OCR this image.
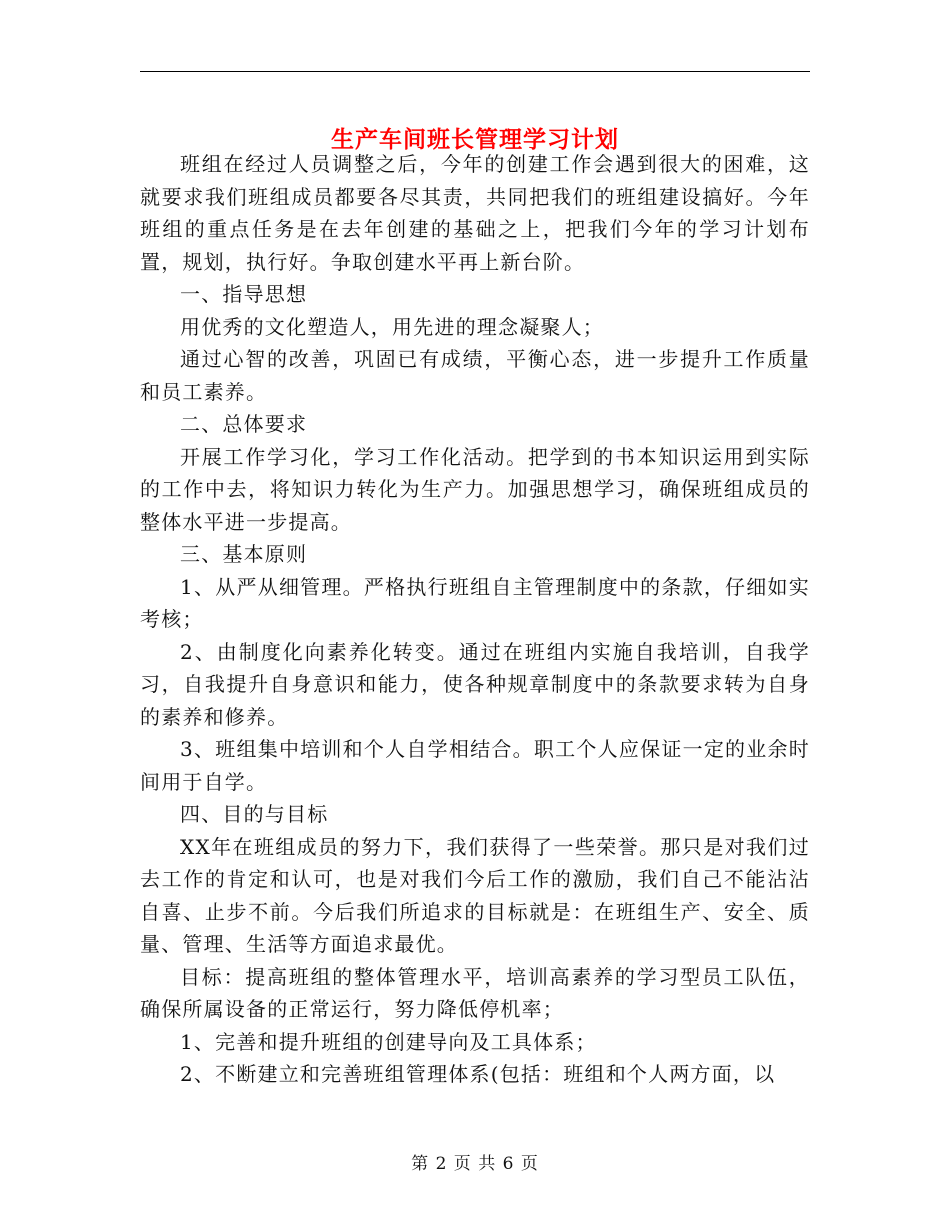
生产车间班长管理学习计划

班组在经过人员调整之后，今年的创建工作会遇到很大的困难，这就要求我们班组成员都要各尽其责，共同把我们的班组建设搞好。今年班组的重点任务是在去年创建的基础之上，把我们今年的学习计划布置，规划，执行好。争取创建水平再上新台阶。

一、指导思想

用优秀的文化塑造人，用先进的理念凝聚人；

通过心智的改善，巩固已有成绩，平衡心态，进一步提升工作质量和员工素养。

二、总体要求

开展工作学习化，学习工作化活动。把学到的书本知识运用到实际的工作中去，将知识力转化为生产力。加强思想学习，确保班组成员的整体水平进一步提高。

三、基本原则

1、从严从细管理。严格执行班组自主管理制度中的条款，仔细如实考核；

2、由制度化向素养化转变。通过在班组内实施自我培训，自我学习，自我提升自身意识和能力，使各种规章制度中的条款要求转为自身的素养和修养。

3、班组集中培训和个人自学相结合。职工个人应保证一定的业余时间用于自学。

四、目的与目标

XX年在班组成员的努力下，我们获得了一些荣誉。那只是对我们过去工作的肯定和认可，也是对我们今后工作的激励，我们自己不能沾沾自喜、止步不前。今后我们所追求的目标就是：在班组生产、安全、质量、管理、生活等方面追求最优。

目标：提高班组的整体管理水平，培训高素养的学习型员工队伍，确保所属设备的正常运行，努力降低停机率；

1、完善和提升班组的创建导向及工具体系；

2、不断建立和完善班组管理体系(包括：班组和个人两方面，以

第 2 页 共 6 页
